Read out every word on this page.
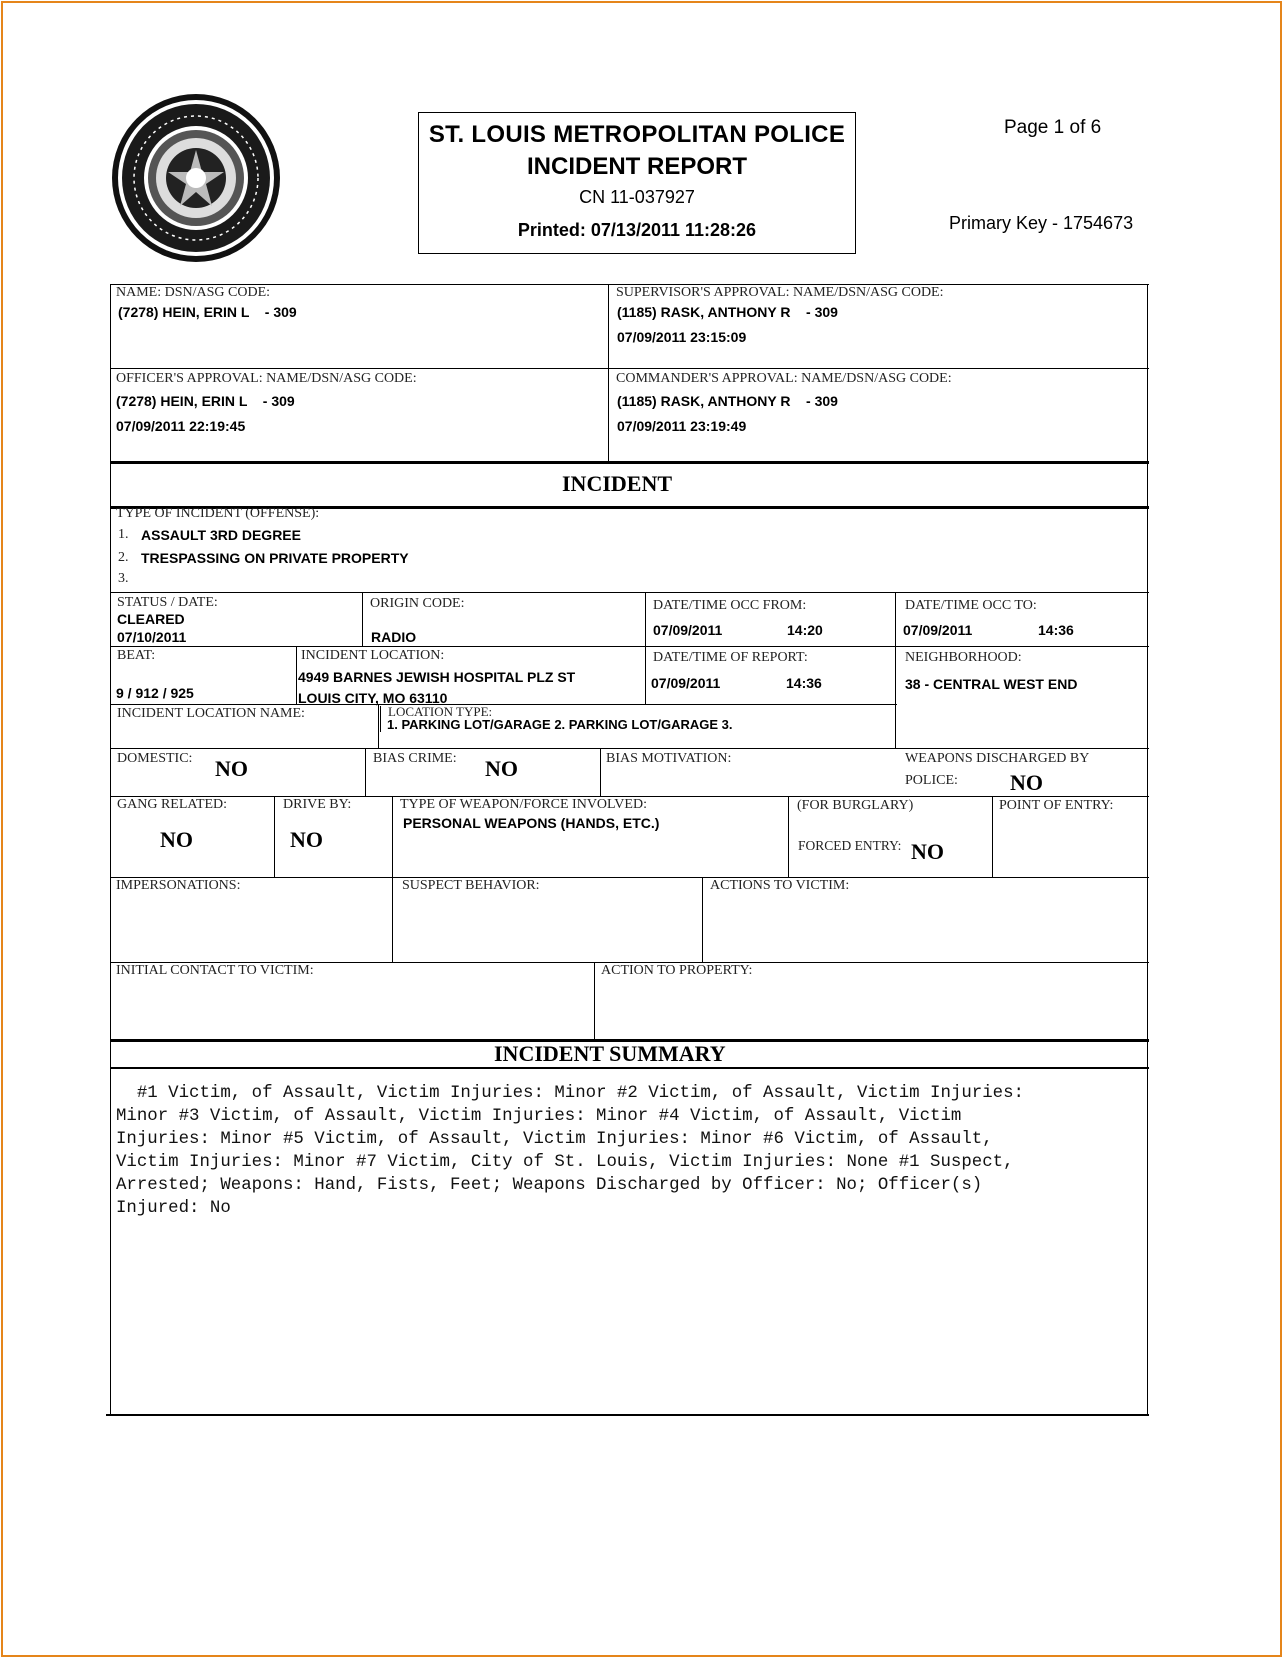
ST. LOUIS METROPOLITAN POLICE
INCIDENT REPORT
CN 11-037927
Printed: 07/13/2011 11:28:26
Page 1 of 6
Primary Key - 1754673
NAME: DSN/ASG CODE:
(7278) HEIN, ERIN L    - 309
SUPERVISOR'S APPROVAL: NAME/DSN/ASG CODE:
(1185) RASK, ANTHONY R    - 309
07/09/2011 23:15:09
OFFICER'S APPROVAL: NAME/DSN/ASG CODE:
(7278) HEIN, ERIN L    - 309
07/09/2011 22:19:45
COMMANDER'S APPROVAL: NAME/DSN/ASG CODE:
(1185) RASK, ANTHONY R    - 309
07/09/2011 23:19:49
INCIDENT
TYPE OF INCIDENT (OFFENSE):
1. ASSAULT 3RD DEGREE
2. TRESPASSING ON PRIVATE PROPERTY
3.
STATUS / DATE:
CLEARED
07/10/2011
ORIGIN CODE:
RADIO
DATE/TIME OCC FROM:
07/09/2011	14:20
DATE/TIME OCC TO:
07/09/2011	14:36
BEAT:
9 / 912 / 925
INCIDENT LOCATION:
4949 BARNES JEWISH HOSPITAL PLZ ST
LOUIS CITY, MO 63110
DATE/TIME OF REPORT:
07/09/2011	14:36
NEIGHBORHOOD:
38 - CENTRAL WEST END
INCIDENT LOCATION NAME:	LOCATION TYPE:
1. PARKING LOT/GARAGE 2. PARKING LOT/GARAGE 3.
DOMESTIC: NO	BIAS CRIME: NO	BIAS MOTIVATION:	WEAPONS DISCHARGED BY
POLICE: NO
GANG RELATED:
NO
DRIVE BY:
NO
TYPE OF WEAPON/FORCE INVOLVED:
PERSONAL WEAPONS (HANDS, ETC.)
(FOR BURGLARY)
FORCED ENTRY: NO
POINT OF ENTRY:
IMPERSONATIONS:	SUSPECT BEHAVIOR:	ACTIONS TO VICTIM:
INITIAL CONTACT TO VICTIM:	ACTION TO PROPERTY:
INCIDENT SUMMARY
#1 Victim, of Assault, Victim Injuries: Minor #2 Victim, of Assault, Victim Injuries:
Minor #3 Victim, of Assault, Victim Injuries: Minor #4 Victim, of Assault, Victim
Injuries: Minor #5 Victim, of Assault, Victim Injuries: Minor #6 Victim, of Assault,
Victim Injuries: Minor #7 Victim, City of St. Louis, Victim Injuries: None #1 Suspect,
Arrested; Weapons: Hand, Fists, Feet; Weapons Discharged by Officer: No; Officer(s)
Injured: No
